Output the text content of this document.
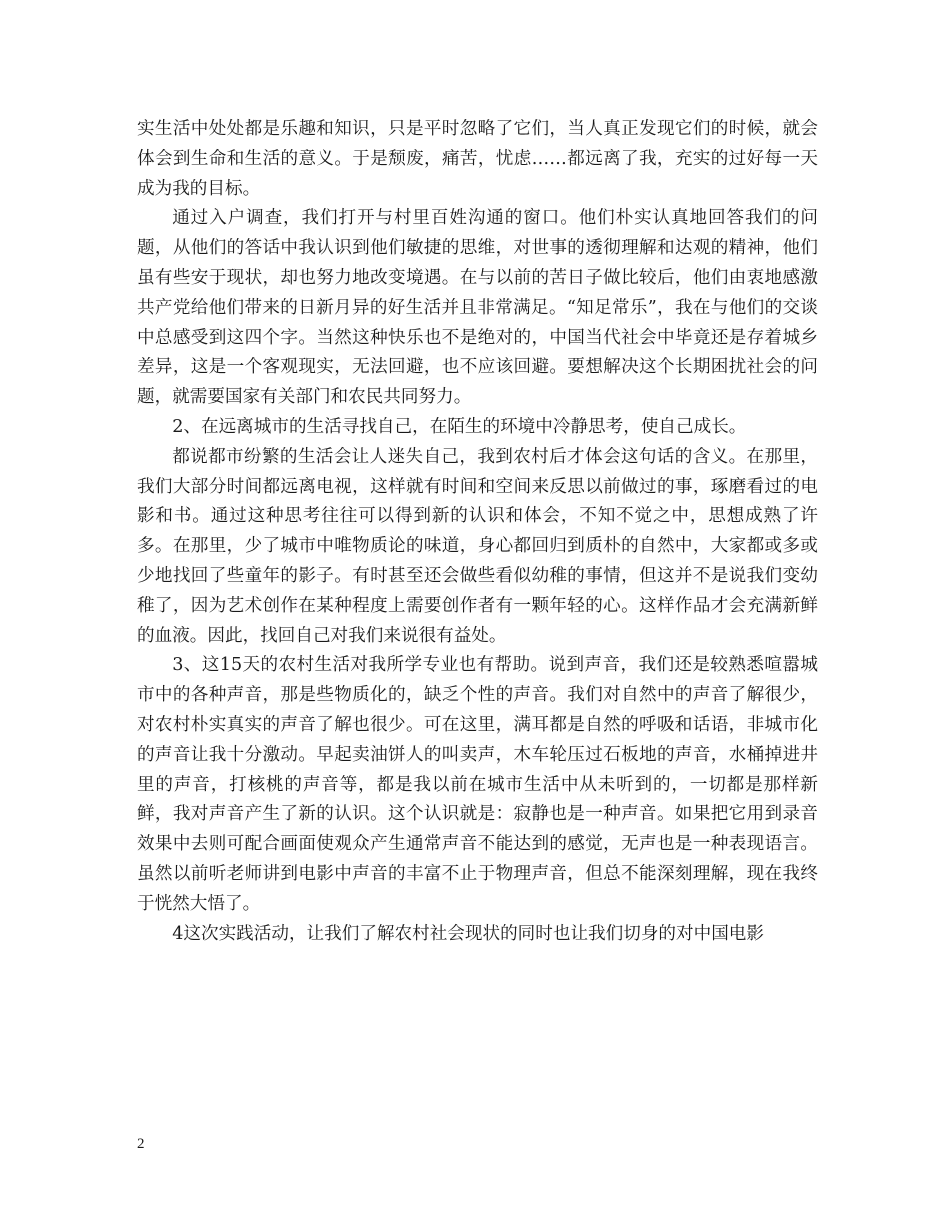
实生活中处处都是乐趣和知识，只是平时忽略了它们，当人真正发现它们的时候，就会体会到生命和生活的意义。于是颓废，痛苦，忧虑……都远离了我，充实的过好每一天成为我的目标。

通过入户调查，我们打开与村里百姓沟通的窗口。他们朴实认真地回答我们的问题，从他们的答话中我认识到他们敏捷的思维，对世事的透彻理解和达观的精神，他们虽有些安于现状，却也努力地改变境遇。在与以前的苦日子做比较后，他们由衷地感激共产党给他们带来的日新月异的好生活并且非常满足。“知足常乐”，我在与他们的交谈中总感受到这四个字。当然这种快乐也不是绝对的，中国当代社会中毕竟还是存着城乡差异，这是一个客观现实，无法回避，也不应该回避。要想解决这个长期困扰社会的问题，就需要国家有关部门和农民共同努力。

2、在远离城市的生活寻找自己，在陌生的环境中冷静思考，使自己成长。

都说都市纷繁的生活会让人迷失自己，我到农村后才体会这句话的含义。在那里，我们大部分时间都远离电视，这样就有时间和空间来反思以前做过的事，琢磨看过的电影和书。通过这种思考往往可以得到新的认识和体会，不知不觉之中，思想成熟了许多。在那里，少了城市中唯物质论的味道，身心都回归到质朴的自然中，大家都或多或少地找回了些童年的影子。有时甚至还会做些看似幼稚的事情，但这并不是说我们变幼稚了，因为艺术创作在某种程度上需要创作者有一颗年轻的心。这样作品才会充满新鲜的血液。因此，找回自己对我们来说很有益处。

3、这15天的农村生活对我所学专业也有帮助。说到声音，我们还是较熟悉喧嚣城市中的各种声音，那是些物质化的，缺乏个性的声音。我们对自然中的声音了解很少，对农村朴实真实的声音了解也很少。可在这里，满耳都是自然的呼吸和话语，非城市化的声音让我十分激动。早起卖油饼人的叫卖声，木车轮压过石板地的声音，水桶掉进井里的声音，打核桃的声音等，都是我以前在城市生活中从未听到的，一切都是那样新鲜，我对声音产生了新的认识。这个认识就是：寂静也是一种声音。如果把它用到录音效果中去则可配合画面使观众产生通常声音不能达到的感觉，无声也是一种表现语言。虽然以前听老师讲到电影中声音的丰富不止于物理声音，但总不能深刻理解，现在我终于恍然大悟了。

4这次实践活动，让我们了解农村社会现状的同时也让我们切身的对中国电影

2
